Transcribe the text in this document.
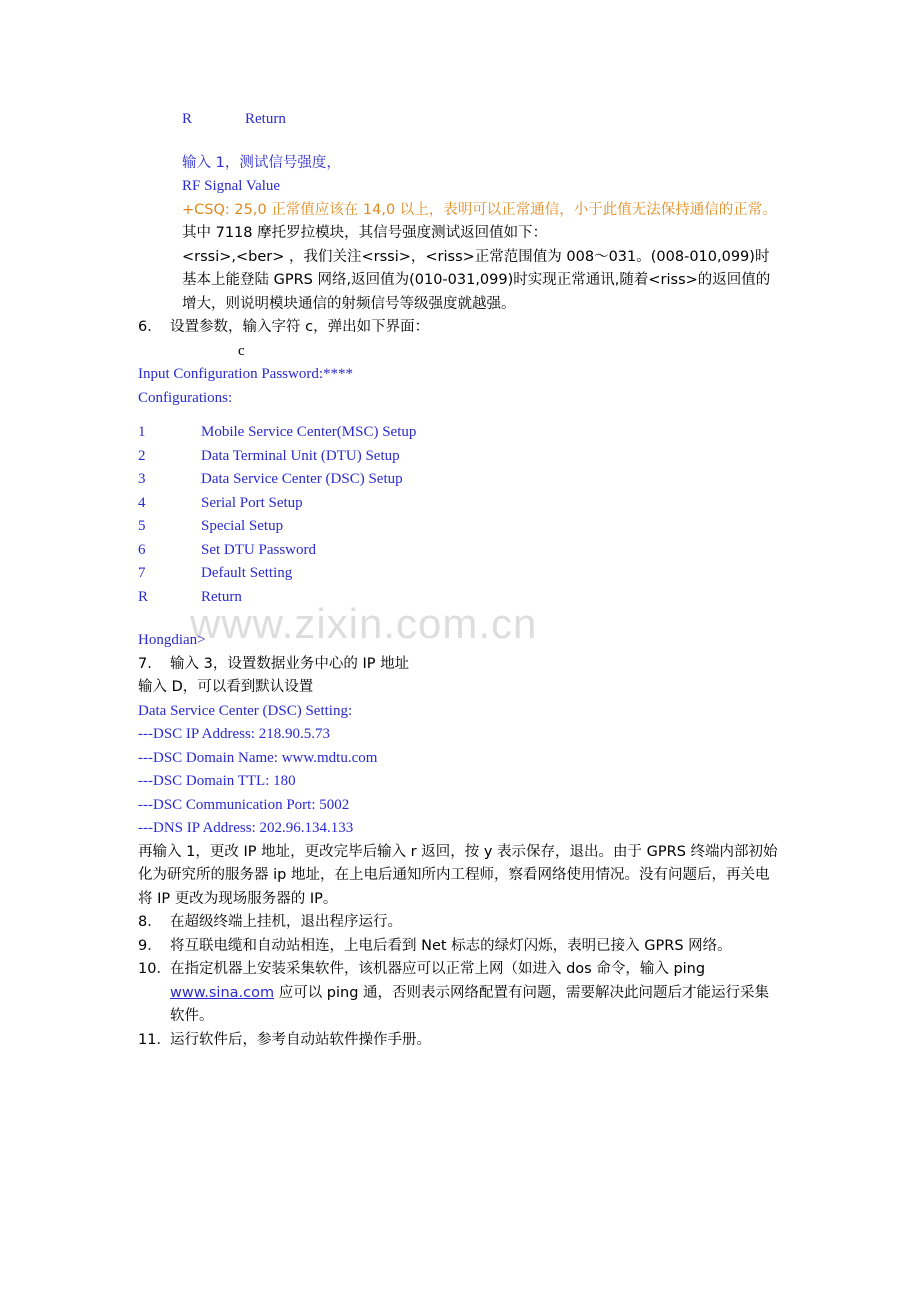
www.zixin.com.cn
R	Return

输入 1，测试信号强度，

RF Signal Value

+CSQ: 25,0 正常值应该在 14,0 以上，表明可以正常通信，小于此值无法保持通信的正常。

其中 7118 摩托罗拉模块，其信号强度测试返回值如下：

<rssi>,<ber> ，我们关注<rssi>，<riss>正常范围值为 008～031。(008-010,099)时基本上能登陆 GPRS 网络,返回值为(010-031,099)时实现正常通讯,随着<riss>的返回值的增大，则说明模块通信的射频信号等级强度就越强。

6． 设置参数，输入字符 c，弹出如下界面：

c

Input Configuration Password:****

Configurations:

1	Mobile Service Center(MSC) Setup
2	Data Terminal Unit (DTU) Setup
3	Data Service Center (DSC) Setup
4	Serial Port Setup
5	Special Setup
6	Set DTU Password
7	Default Setting
R	Return

Hongdian>

7． 输入 3，设置数据业务中心的 IP 地址

输入 D，可以看到默认设置

Data Service Center (DSC) Setting:

---DSC IP Address: 218.90.5.73

---DSC Domain Name: www.mdtu.com

---DSC Domain TTL: 180

---DSC Communication Port: 5002

---DNS IP Address: 202.96.134.133

再输入 1，更改 IP 地址，更改完毕后输入 r 返回，按 y 表示保存，退出。由于 GPRS 终端内部初始化为研究所的服务器 ip 地址，在上电后通知所内工程师，察看网络使用情况。没有问题后，再关电将 IP 更改为现场服务器的 IP。

8． 在超级终端上挂机，退出程序运行。
9． 将互联电缆和自动站相连，上电后看到 Net 标志的绿灯闪烁，表明已接入 GPRS 网络。
10． 在指定机器上安装采集软件，该机器应可以正常上网（如进入 dos 命令，输入 ping www.sina.com 应可以 ping 通，否则表示网络配置有问题，需要解决此问题后才能运行采集软件。
11． 运行软件后，参考自动站软件操作手册。
